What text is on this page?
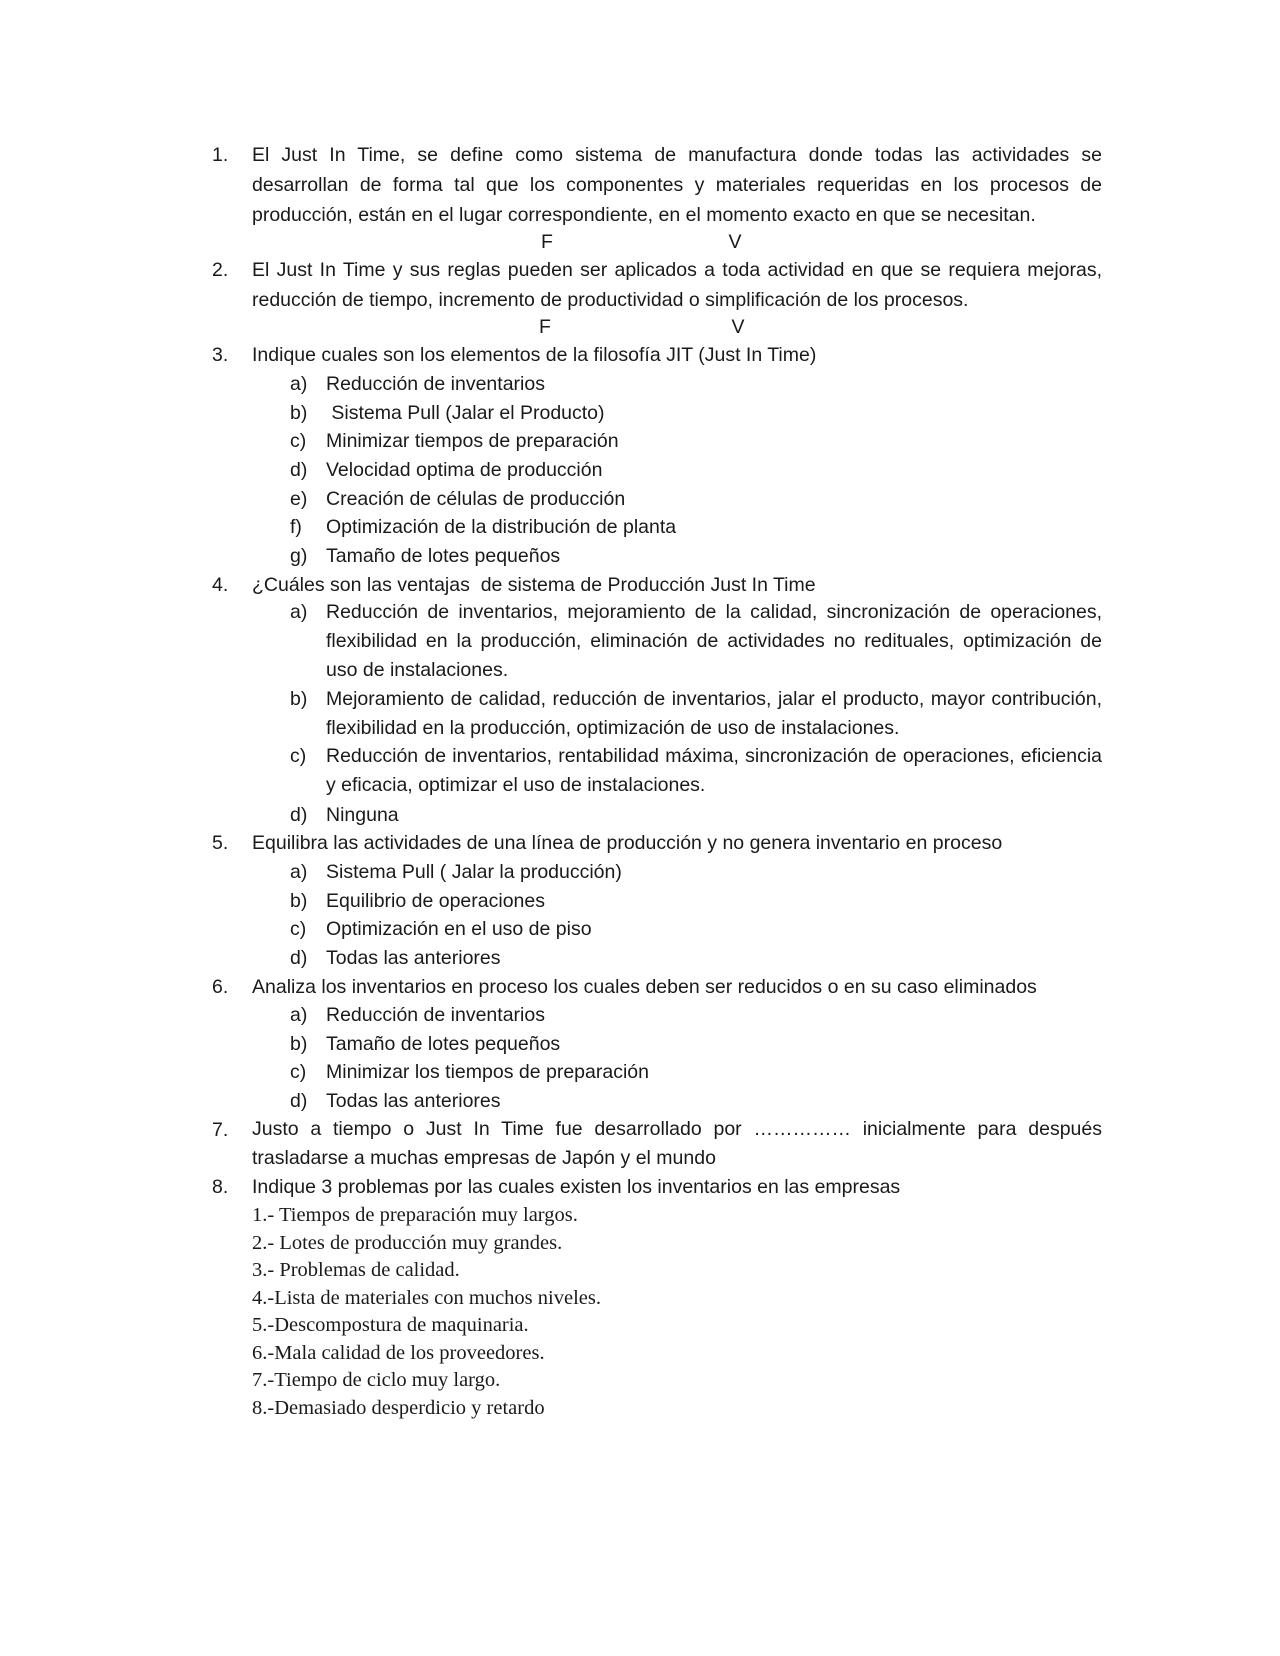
1.	El Just In Time, se define como sistema de manufactura donde todas las actividades se desarrollan de forma tal que los componentes y materiales requeridas en los procesos de producción, están en el lugar correspondiente, en el momento exacto en que se necesitan.

F	V
2.	El Just In Time y sus reglas pueden ser aplicados a toda actividad en que se requiera mejoras, reducción de tiempo, incremento de productividad o simplificación de los procesos.

F	V
3.	Indique cuales son los elementos de la filosofía JIT (Just In Time)

a) Reducción de inventarios

b) Sistema Pull (Jalar el Producto)

c)	Minimizar tiempos de preparación

d) Velocidad optima de producción

e) Creación de células de producción

f)	Optimización de la distribución de planta

g) Tamaño de lotes pequeños

4.	¿Cuáles son las ventajas  de sistema de Producción Just In Time

a) Reducción de inventarios, mejoramiento de la calidad, sincronización de operaciones, flexibilidad en la producción, eliminación de actividades no redituales, optimización de uso de instalaciones.

b) Mejoramiento de calidad, reducción de inventarios, jalar el producto, mayor contribución, flexibilidad en la producción, optimización de uso de instalaciones.

c)	Reducción de inventarios, rentabilidad máxima, sincronización de operaciones, eficiencia y eficacia, optimizar el uso de instalaciones.

d) Ninguna

5.	Equilibra las actividades de una línea de producción y no genera inventario en proceso

a) Sistema Pull ( Jalar la producción)

b) Equilibrio de operaciones

c)	Optimización en el uso de piso

d) Todas las anteriores

6.	Analiza los inventarios en proceso los cuales deben ser reducidos o en su caso eliminados

a) Reducción de inventarios

b) Tamaño de lotes pequeños

c)	Minimizar los tiempos de preparación

d) Todas las anteriores

7.	Justo a tiempo o Just In Time fue desarrollado por …………… inicialmente para después trasladarse a muchas empresas de Japón y el mundo

8.	Indique 3 problemas por las cuales existen los inventarios en las empresas

1.- Tiempos de preparación muy largos.
2.- Lotes de producción muy grandes.
3.- Problemas de calidad.
4.-Lista de materiales con muchos niveles.
5.-Descompostura de maquinaria.
6.-Mala calidad de los proveedores.
7.-Tiempo de ciclo muy largo.
8.-Demasiado desperdicio y retardo
